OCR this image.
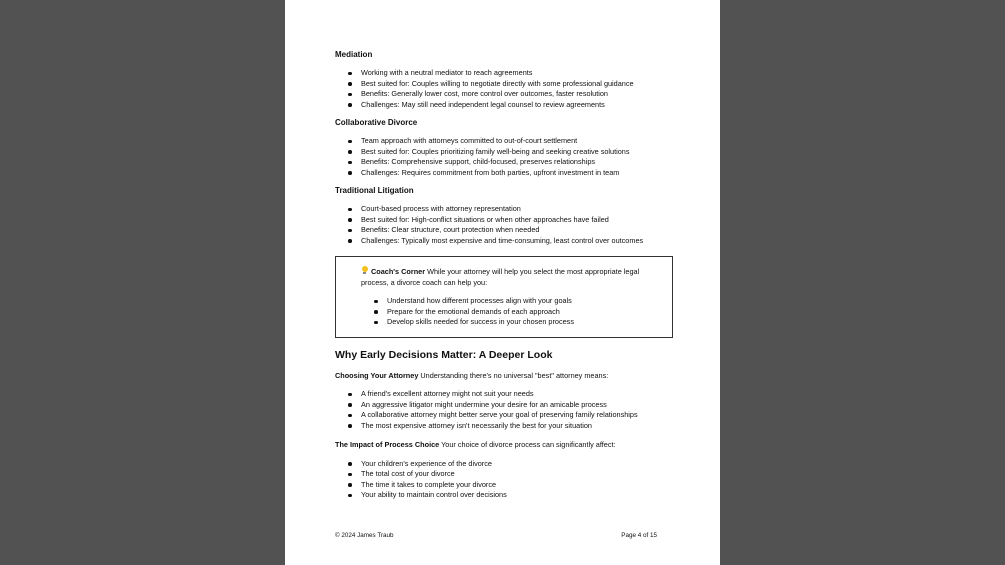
Mediation

Working with a neutral mediator to reach agreements
Best suited for: Couples willing to negotiate directly with some professional guidance
Benefits: Generally lower cost, more control over outcomes, faster resolution
Challenges: May still need independent legal counsel to review agreements

Collaborative Divorce

Team approach with attorneys committed to out-of-court settlement
Best suited for: Couples prioritizing family well-being and seeking creative solutions
Benefits: Comprehensive support, child-focused, preserves relationships
Challenges: Requires commitment from both parties, upfront investment in team

Traditional Litigation

Court-based process with attorney representation
Best suited for: High-conflict situations or when other approaches have failed
Benefits: Clear structure, court protection when needed
Challenges: Typically most expensive and time-consuming, least control over outcomes

Coach's Corner While your attorney will help you select the most appropriate legal process, a divorce coach can help you:

Understand how different processes align with your goals
Prepare for the emotional demands of each approach
Develop skills needed for success in your chosen process

Why Early Decisions Matter: A Deeper Look

Choosing Your Attorney Understanding there's no universal "best" attorney means:

A friend's excellent attorney might not suit your needs
An aggressive litigator might undermine your desire for an amicable process
A collaborative attorney might better serve your goal of preserving family relationships
The most expensive attorney isn't necessarily the best for your situation

The Impact of Process Choice Your choice of divorce process can significantly affect:

Your children's experience of the divorce
The total cost of your divorce
The time it takes to complete your divorce
Your ability to maintain control over decisions
© 2024 James Traub	Page 4 of 15
